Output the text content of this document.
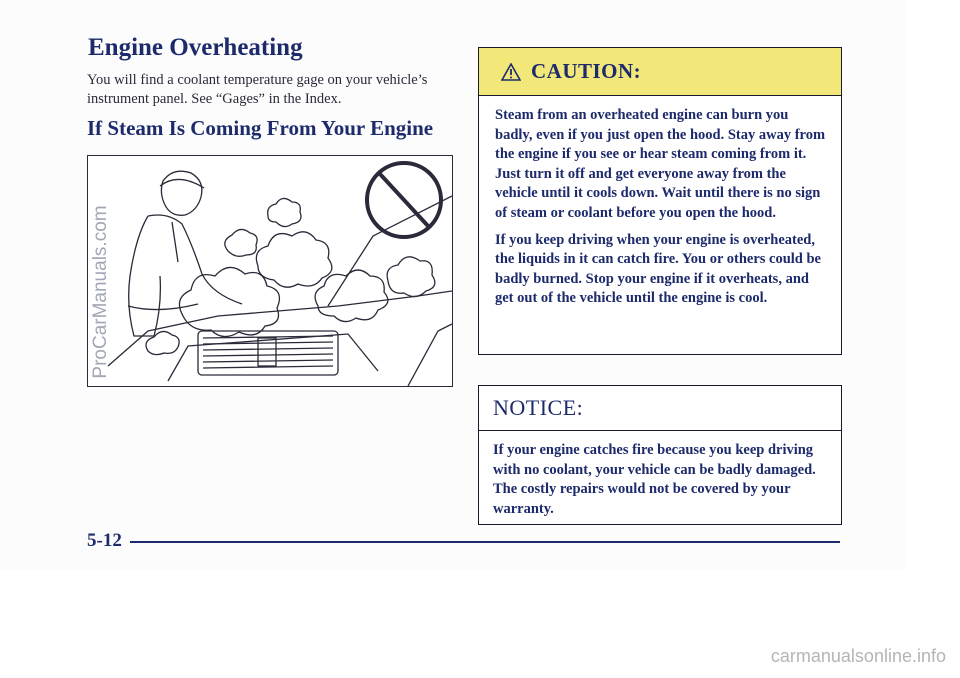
Engine Overheating

You will find a coolant temperature gage on your vehicle’s instrument panel. See “Gages” in the Index.

If Steam Is Coming From Your Engine
ProCarManuals.com
CAUTION:

Steam from an overheated engine can burn you badly, even if you just open the hood. Stay away from the engine if you see or hear steam coming from it. Just turn it off and get everyone away from the vehicle until it cools down. Wait until there is no sign of steam or coolant before you open the hood.

If you keep driving when your engine is overheated, the liquids in it can catch fire. You or others could be badly burned. Stop your engine if it overheats, and get out of the vehicle until the engine is cool.

NOTICE:

If your engine catches fire because you keep driving with no coolant, your vehicle can be badly damaged. The costly repairs would not be covered by your warranty.

5-12
carmanualsonline.info
